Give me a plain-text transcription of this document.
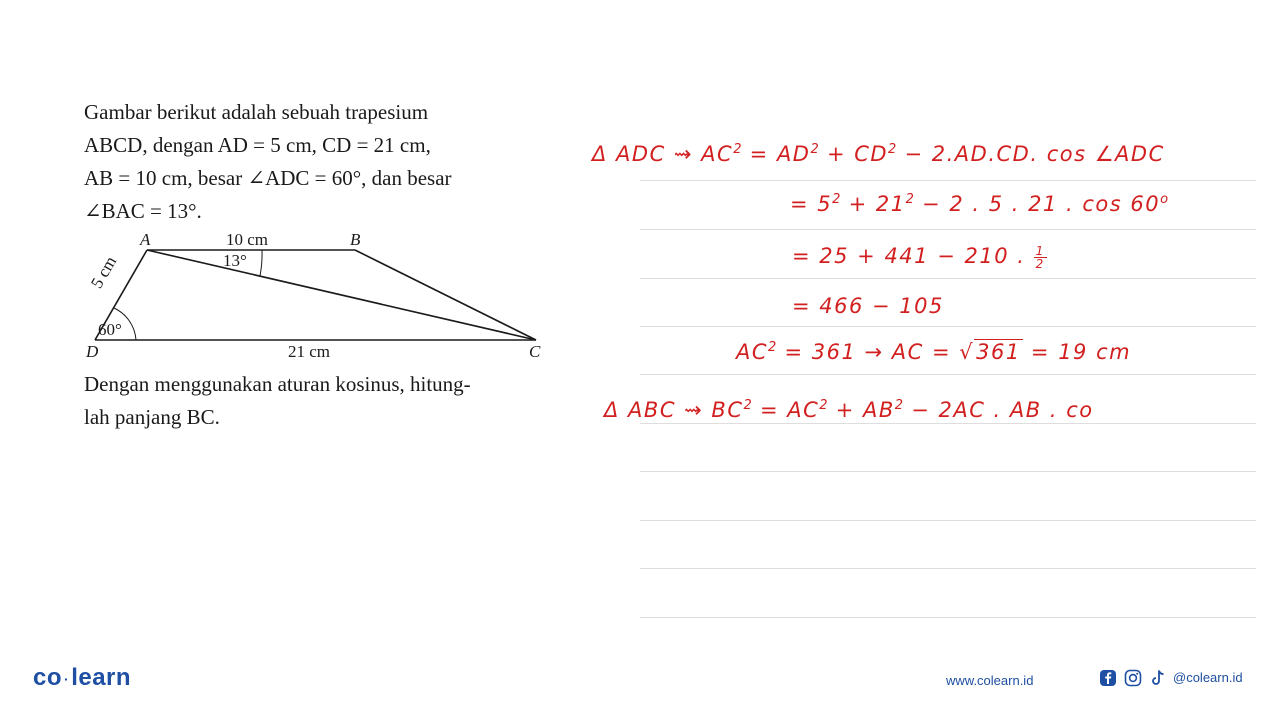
Gambar berikut adalah sebuah trapesium

ABCD, dengan AD = 5 cm, CD = 21 cm,

AB = 10 cm, besar ∠ADC = 60°, dan besar

∠BAC = 13°.

Dengan menggunakan aturan kosinus, hitung-

lah panjang BC.

A	B
C
D
10 cm
13°
5 cm
60°
21 cm
Δ ADC ⇝ $AC^2 = AD^2 + CD^2 - 2.AD.CD$. cos ∠ADC
= $5^2 + 21^2 - 2$ . 5 . 21 . $\cos 60^o$
= 25 + 441 − 210 . $\frac{1}{2}$
= 466 − 105
$AC^2 = 361$ → AC = √361 = 19 cm
Δ ABC ⇝ $BC^2 = AC^2 + AB^2 - 2AC$ . AB . co
co ·learn	www.colearn.id	@colearn.id
